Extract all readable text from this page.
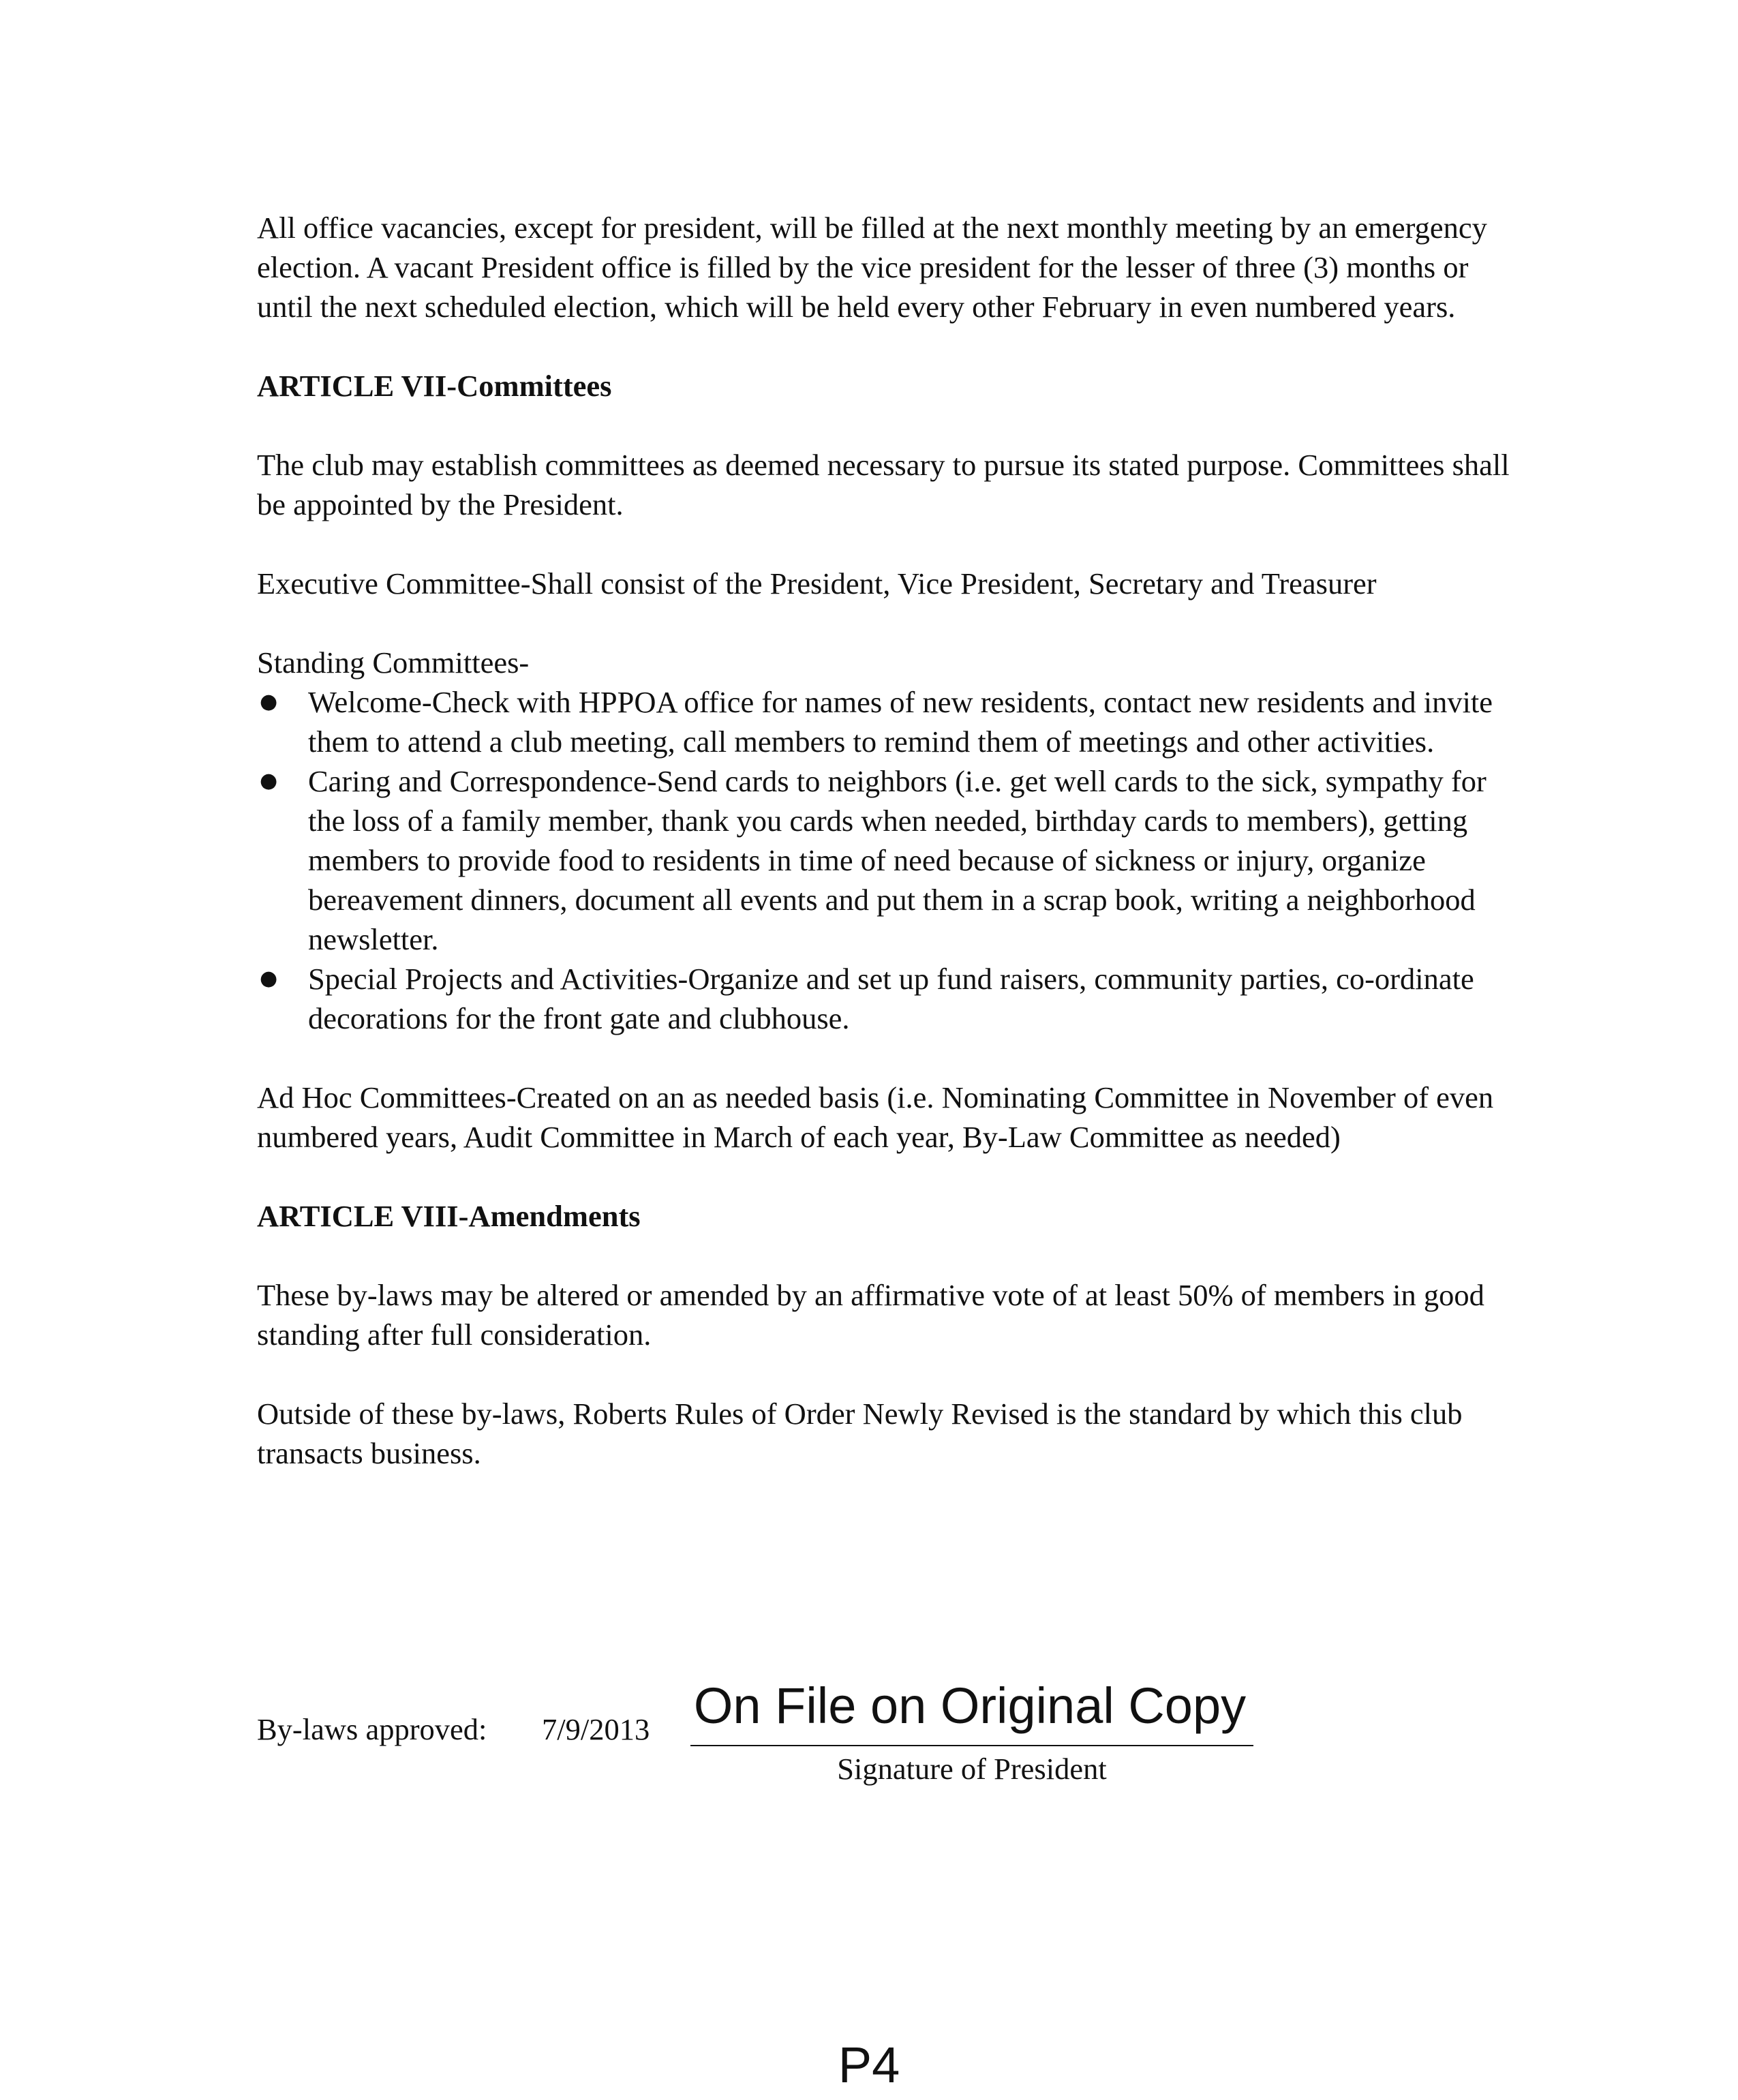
All office vacancies, except for president, will be filled at the next monthly meeting by an emergency election. A vacant President office is filled by the vice president for the lesser of three (3) months or until the next scheduled election, which will be held every other February in even numbered years.

ARTICLE VII-Committees

The club may establish committees as deemed necessary to pursue its stated purpose. Committees shall be appointed by the President.

Executive Committee-Shall consist of the President, Vice President, Secretary and Treasurer

Standing Committees-

● Welcome-Check with HPPOA office for names of new residents, contact new residents and invite them to attend a club meeting, call members to remind them of meetings and other activities.
● Caring and Correspondence-Send cards to neighbors (i.e. get well cards to the sick, sympathy for the loss of a family member, thank you cards when needed, birthday cards to members), getting members to provide food to residents in time of need because of sickness or injury, organize bereavement dinners, document all events and put them in a scrap book, writing a neighborhood newsletter.
● Special Projects and Activities-Organize and set up fund raisers, community parties, co-ordinate decorations for the front gate and clubhouse.

Ad Hoc Committees-Created on an as needed basis (i.e. Nominating Committee in November of even numbered years, Audit Committee in March of each year, By-Law Committee as needed)

ARTICLE VIII-Amendments

These by-laws may be altered or amended by an affirmative vote of at least 50% of members in good standing after full consideration.

Outside of these by-laws, Roberts Rules of Order Newly Revised is the standard by which this club transacts business.

By-laws approved: 7/9/2013 On File on Original Copy
Signature of President
P4
